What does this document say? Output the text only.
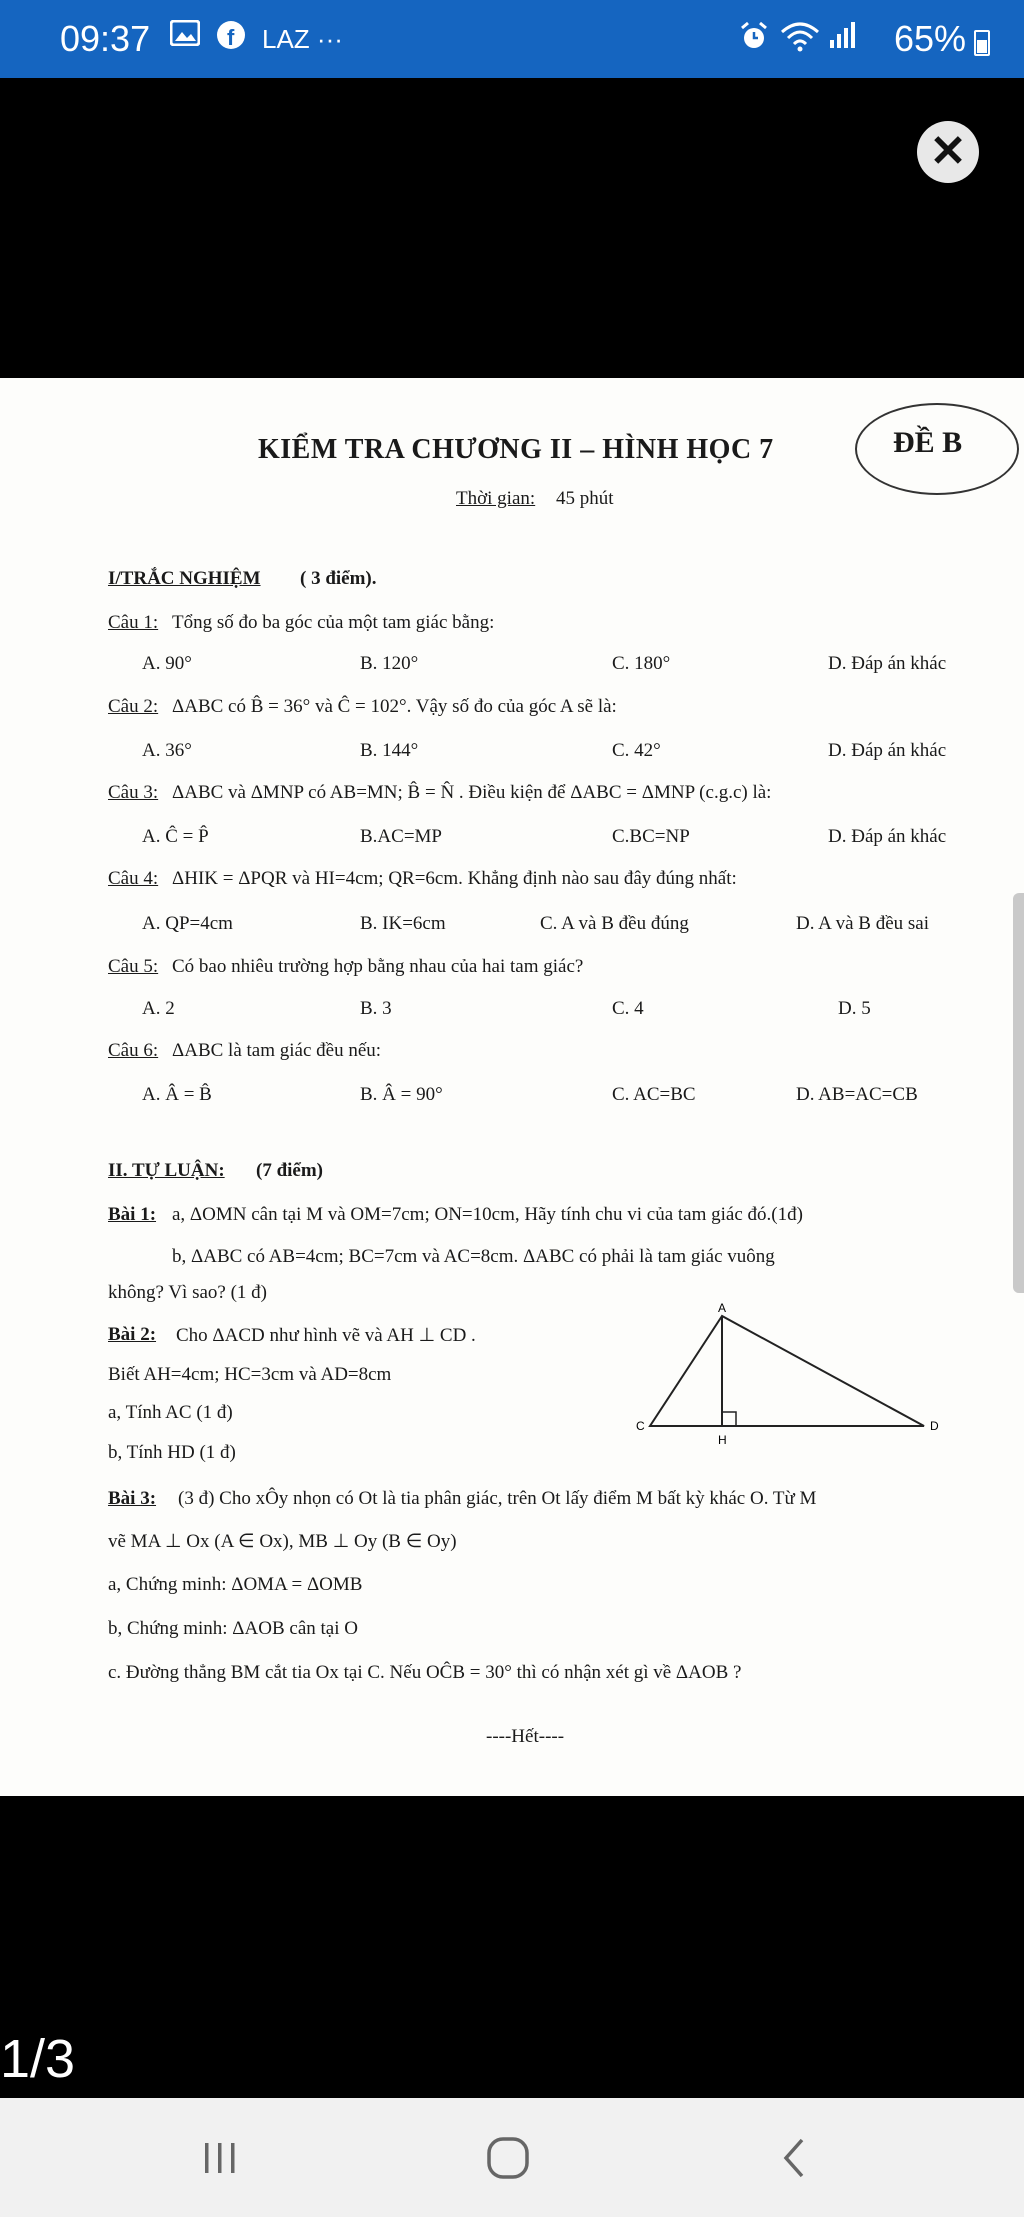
09:37	f LAZ ···	65%
✕
KIỂM TRA CHƯƠNG II – HÌNH HỌC 7	ĐỀ B
Thời gian: 45 phút
I/TRẮC NGHIỆM ( 3 điểm).
Câu 1: Tổng số đo ba góc của một tam giác bằng:
A. 90°	B. 120°	C. 180°	D. Đáp án khác
Câu 2: ΔABC có B̂ = 36° và Ĉ = 102°. Vậy số đo của góc A sẽ là:
A. 36°	B. 144°	C. 42°	D. Đáp án khác
Câu 3: ΔABC và ΔMNP có AB=MN; B̂ = N̂ . Điều kiện để ΔABC = ΔMNP (c.g.c) là:
A. Ĉ = P̂	B.AC=MP	C.BC=NP	D. Đáp án khác
Câu 4: ΔHIK = ΔPQR và HI=4cm; QR=6cm. Khẳng định nào sau đây đúng nhất:
A. QP=4cm	B. IK=6cm	C. A và B đều đúng	D. A và B đều sai
Câu 5: Có bao nhiêu trường hợp bằng nhau của hai tam giác?
A. 2	B. 3	C. 4	D. 5
Câu 6: ΔABC là tam giác đều nếu:
A. Â = B̂	B. Â = 90°	C. AC=BC	D. AB=AC=CB
II. TỰ LUẬN: (7 điểm)
Bài 1: a, ΔOMN cân tại M và OM=7cm; ON=10cm, Hãy tính chu vi của tam giác đó.(1đ)
b, ΔABC có AB=4cm; BC=7cm và AC=8cm. ΔABC có phải là tam giác vuông
không? Vì sao? (1 đ)
Bài 2: Cho ΔACD như hình vẽ và AH ⊥ CD .
Biết AH=4cm; HC=3cm và AD=8cm
a, Tính AC (1 đ)
b, Tính HD (1 đ)
A
C
H
D
Bài 3: (3 đ) Cho xÔy nhọn có Ot là tia phân giác, trên Ot lấy điểm M bất kỳ khác O. Từ M
vẽ MA ⊥ Ox (A ∈ Ox), MB ⊥ Oy (B ∈ Oy)
a, Chứng minh: ΔOMA = ΔOMB
b, Chứng minh: ΔAOB cân tại O
c. Đường thẳng BM cắt tia Ox tại C. Nếu OĈB = 30° thì có nhận xét gì về ΔAOB ?
----Hết----
1/3
